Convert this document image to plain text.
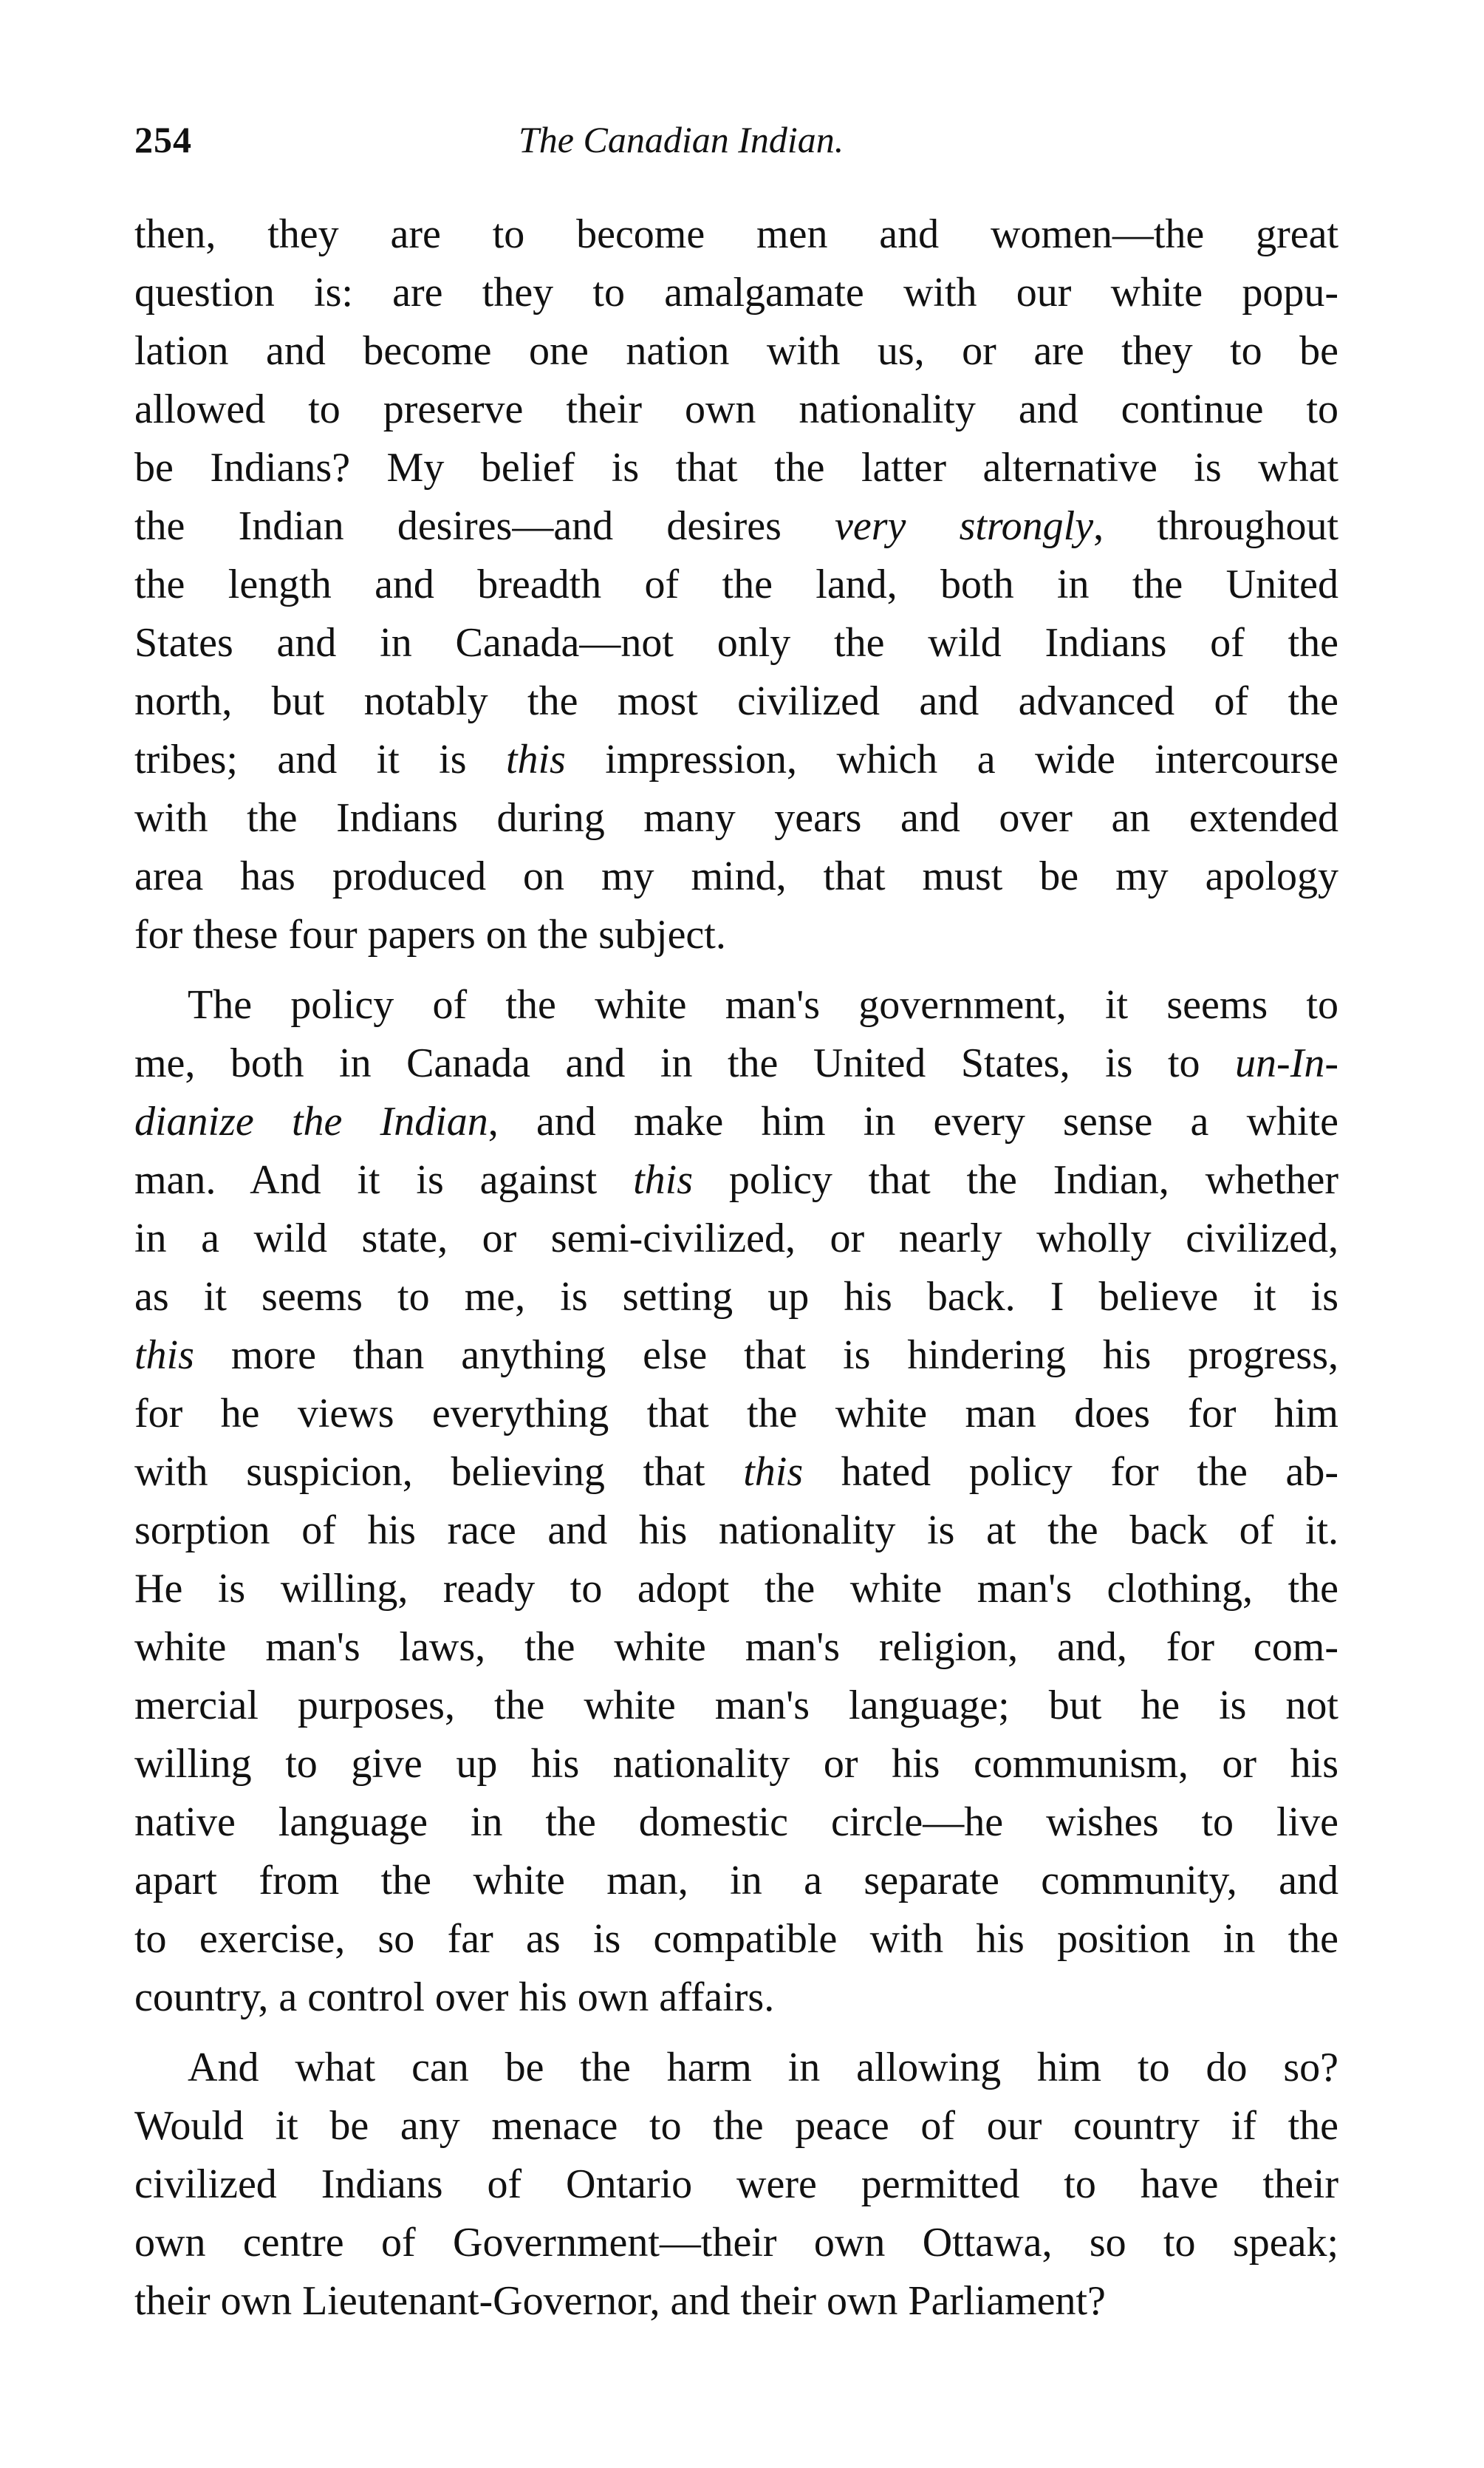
254	The Canadian Indian.
then, they are to become men and women—the great
question is: are they to amalgamate with our white popu-
lation and become one nation with us, or are they to be
allowed to preserve their own nationality and continue to
be Indians? My belief is that the latter alternative is what
the Indian desires—and desires very strongly, throughout
the length and breadth of the land, both in the United
States and in Canada—not only the wild Indians of the
north, but notably the most civilized and advanced of the
tribes; and it is this impression, which a wide intercourse
with the Indians during many years and over an extended
area has produced on my mind, that must be my apology
for these four papers on the subject.
The policy of the white man's government, it seems to
me, both in Canada and in the United States, is to un-In-
dianize the Indian, and make him in every sense a white
man. And it is against this policy that the Indian, whether
in a wild state, or semi-civilized, or nearly wholly civilized,
as it seems to me, is setting up his back. I believe it is
this more than anything else that is hindering his progress,
for he views everything that the white man does for him
with suspicion, believing that this hated policy for the ab-
sorption of his race and his nationality is at the back of it.
He is willing, ready to adopt the white man's clothing, the
white man's laws, the white man's religion, and, for com-
mercial purposes, the white man's language; but he is not
willing to give up his nationality or his communism, or his
native language in the domestic circle—he wishes to live
apart from the white man, in a separate community, and
to exercise, so far as is compatible with his position in the
country, a control over his own affairs.
And what can be the harm in allowing him to do so?
Would it be any menace to the peace of our country if the
civilized Indians of Ontario were permitted to have their
own centre of Government—their own Ottawa, so to speak;
their own Lieutenant-Governor, and their own Parliament?
